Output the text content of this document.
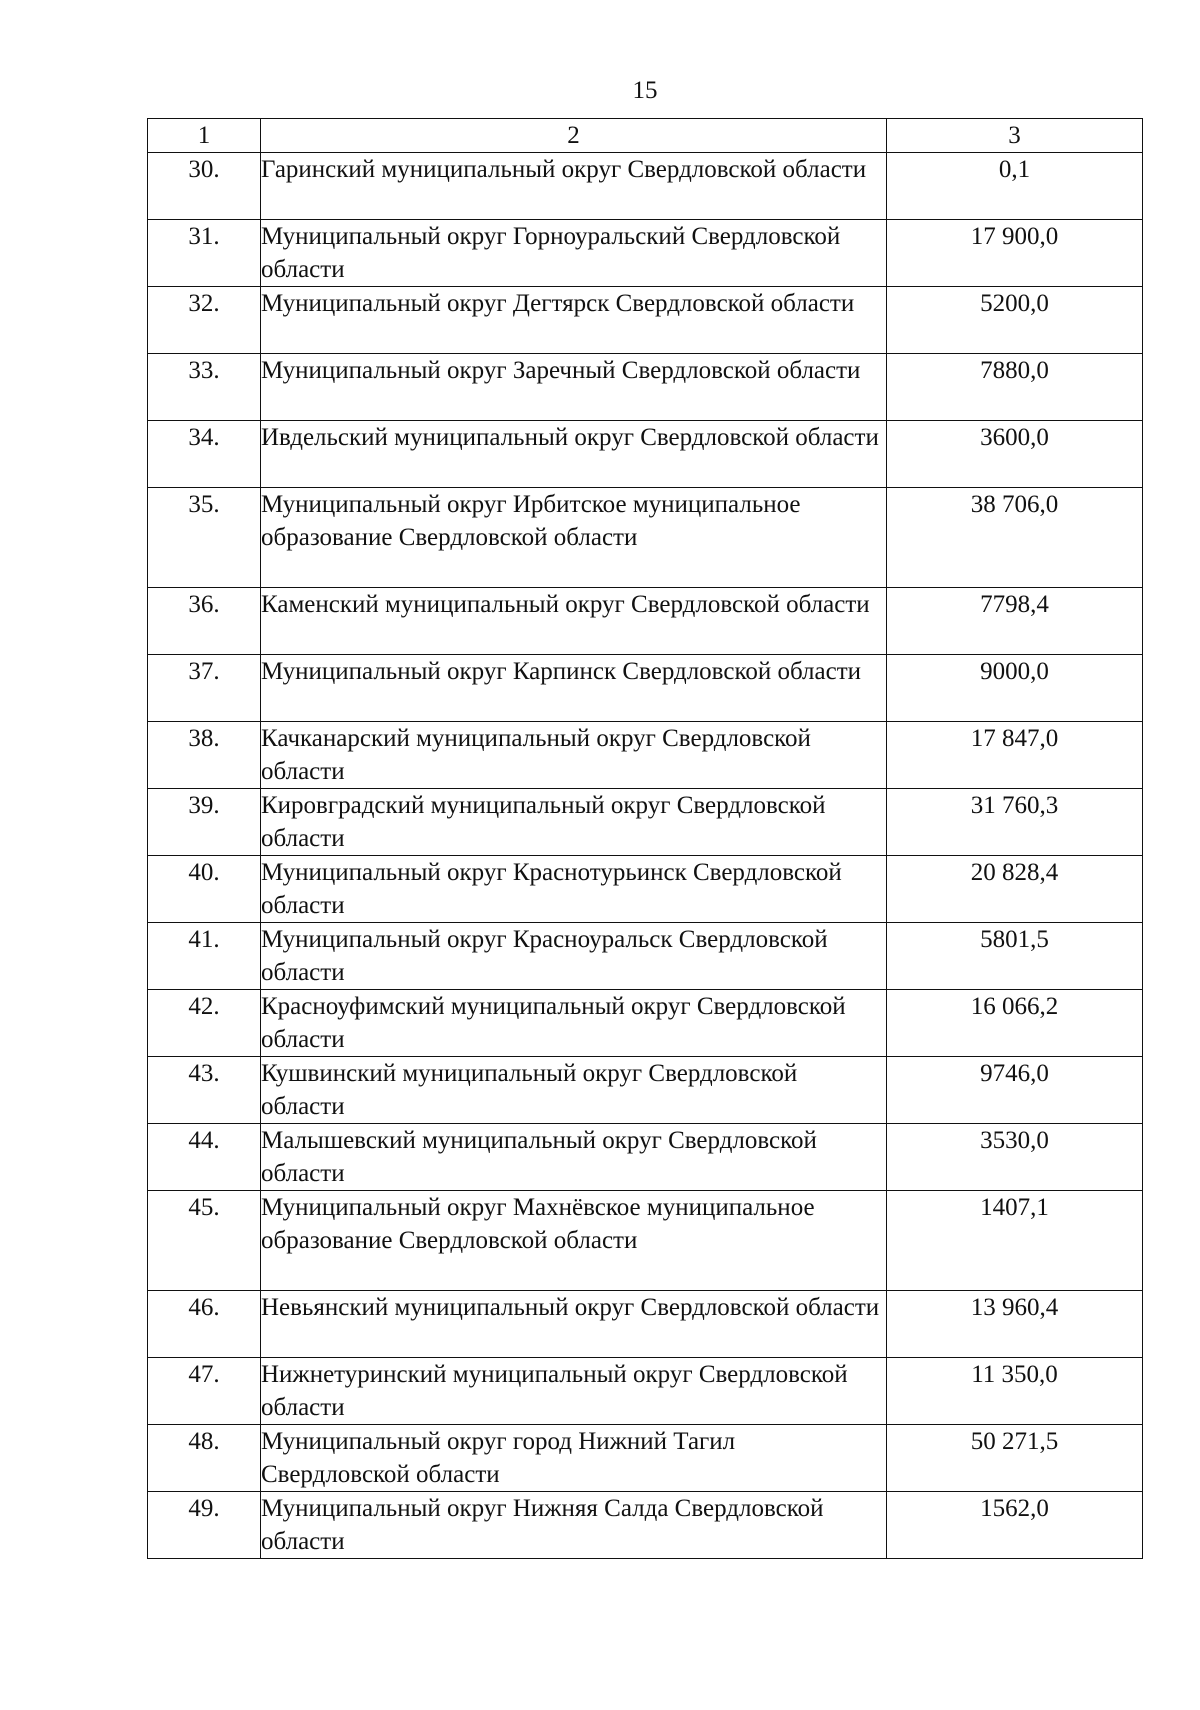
15
1	2	3
30.	Гаринский муниципальный округ Свердловской области	0,1
31.	Муниципальный округ Горноуральский Свердловской области	17 900,0
32.	Муниципальный округ Дегтярск Свердловской области	5200,0
33.	Муниципальный округ Заречный Свердловской области	7880,0
34.	Ивдельский муниципальный округ Свердловской области	3600,0
35.	Муниципальный округ Ирбитское муниципальное образование Свердловской области	38 706,0
36.	Каменский муниципальный округ Свердловской области	7798,4
37.	Муниципальный округ Карпинск Свердловской области	9000,0
38.	Качканарский муниципальный округ Свердловской области	17 847,0
39.	Кировградский муниципальный округ Свердловской области	31 760,3
40.	Муниципальный округ Краснотурьинск Свердловской области	20 828,4
41.	Муниципальный округ Красноуральск Свердловской области	5801,5
42.	Красноуфимский муниципальный округ Свердловской области	16 066,2
43.	Кушвинский муниципальный округ Свердловской области	9746,0
44.	Малышевский муниципальный округ Свердловской области	3530,0
45.	Муниципальный округ Махнёвское муниципальное образование Свердловской области	1407,1
46.	Невьянский муниципальный округ Свердловской области	13 960,4
47.	Нижнетуринский муниципальный округ Свердловской области	11 350,0
48.	Муниципальный округ город Нижний Тагил Свердловской области	50 271,5
49.	Муниципальный округ Нижняя Салда Свердловской области	1562,0
